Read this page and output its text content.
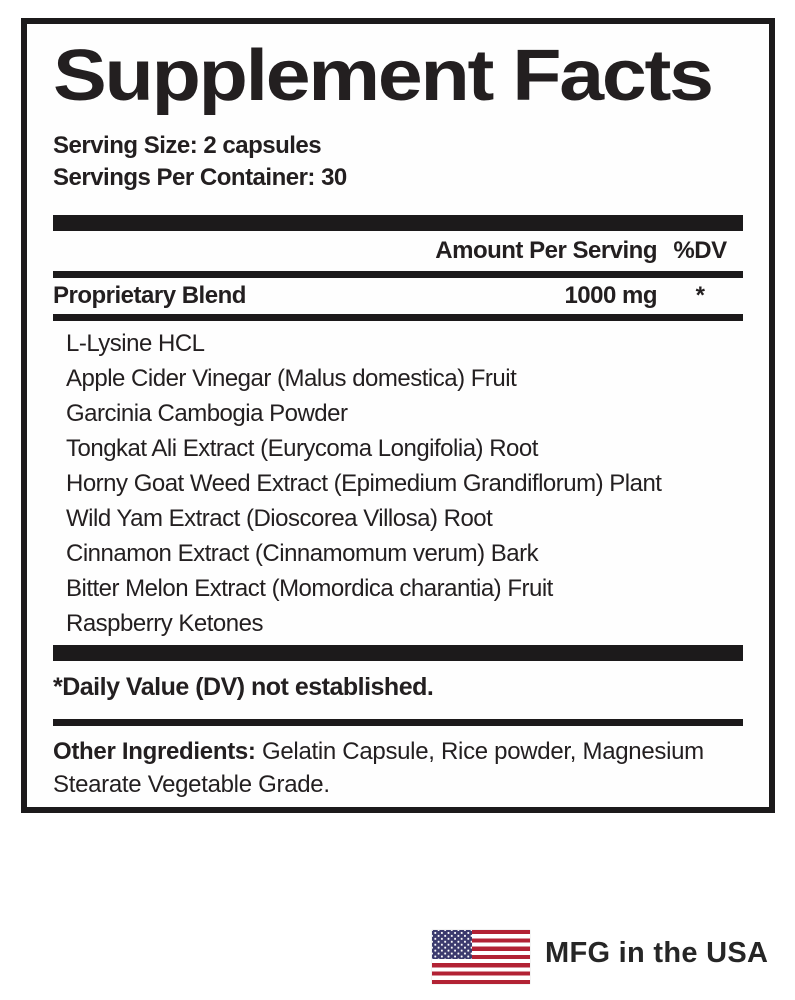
Supplement Facts
Serving Size: 2 capsules
Servings Per Container: 30
Amount Per Serving %DV
Proprietary Blend	1000 mg	*
L-Lysine HCL
Apple Cider Vinegar (Malus domestica) Fruit
Garcinia Cambogia Powder
Tongkat Ali Extract (Eurycoma Longifolia) Root
Horny Goat Weed Extract (Epimedium Grandiflorum) Plant
Wild Yam Extract (Dioscorea Villosa) Root
Cinnamon Extract (Cinnamomum verum) Bark
Bitter Melon Extract (Momordica charantia) Fruit
Raspberry Ketones
*Daily Value (DV) not established.

Other Ingredients: Gelatin Capsule, Rice powder, Magnesium Stearate Vegetable Grade.

MFG in the USA
